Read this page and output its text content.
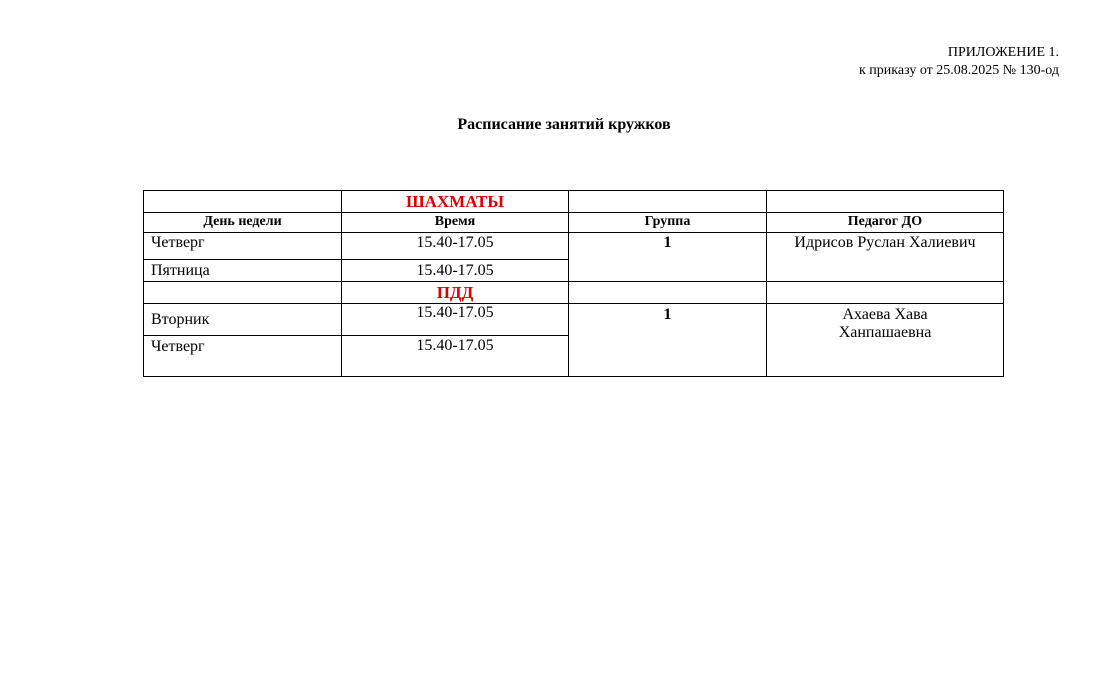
ПРИЛОЖЕНИЕ 1.
к приказу от 25.08.2025 № 130-од
Расписание занятий кружков
	ШАХМАТЫ		
День недели	Время	Группа	Педагог ДО
Четверг	15.40-17.05	1	Идрисов Руслан Халиевич
Пятница	15.40-17.05		
	ПДД		
Вторник	15.40-17.05	1	Ахаева Хава Ханпашаевна
Четверг	15.40-17.05		
